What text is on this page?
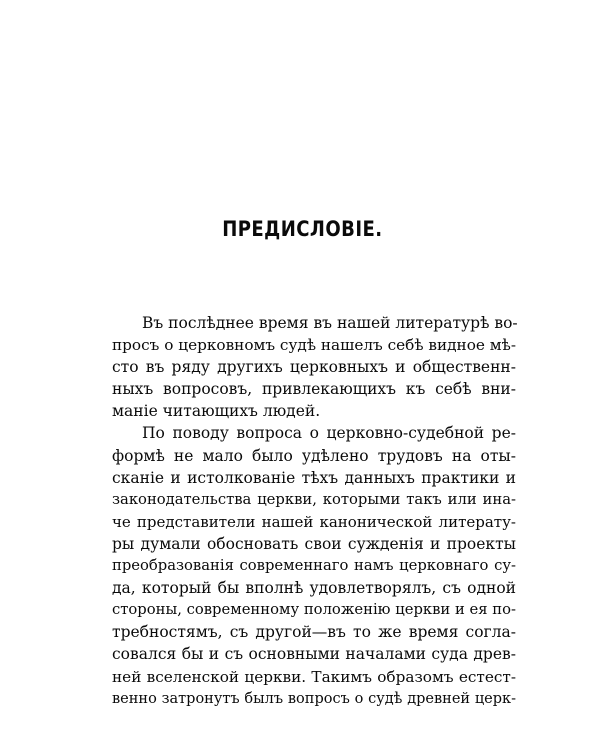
ПРЕДИСЛОВІЕ.
Въ послѣднее время въ нашей литературѣ во-
просъ о церковномъ судѣ нашелъ себѣ видное мѣ-
сто въ ряду другихъ церковныхъ и общественн-
ныхъ вопросовъ, привлекающихъ къ себѣ вни-
маніе читающихъ людей.
По поводу вопроса о церковно-судебной ре-
формѣ не мало было удѣлено трудовъ на оты-
сканіе и истолкованіе тѣхъ данныхъ практики и
законодательства церкви, которыми такъ или ина-
че представители нашей канонической литерату-
ры думали обосновать свои сужденія и проекты
преобразованія современнаго намъ церковнаго су-
да, который бы вполнѣ удовлетворялъ, съ одной
стороны, современному положенію церкви и ея по-
требностямъ, съ другой—въ то же время согла-
совался бы и съ основными началами суда древ-
ней вселенской церкви. Такимъ образомъ естест-
венно затронутъ былъ вопросъ о судѣ древней церк-
